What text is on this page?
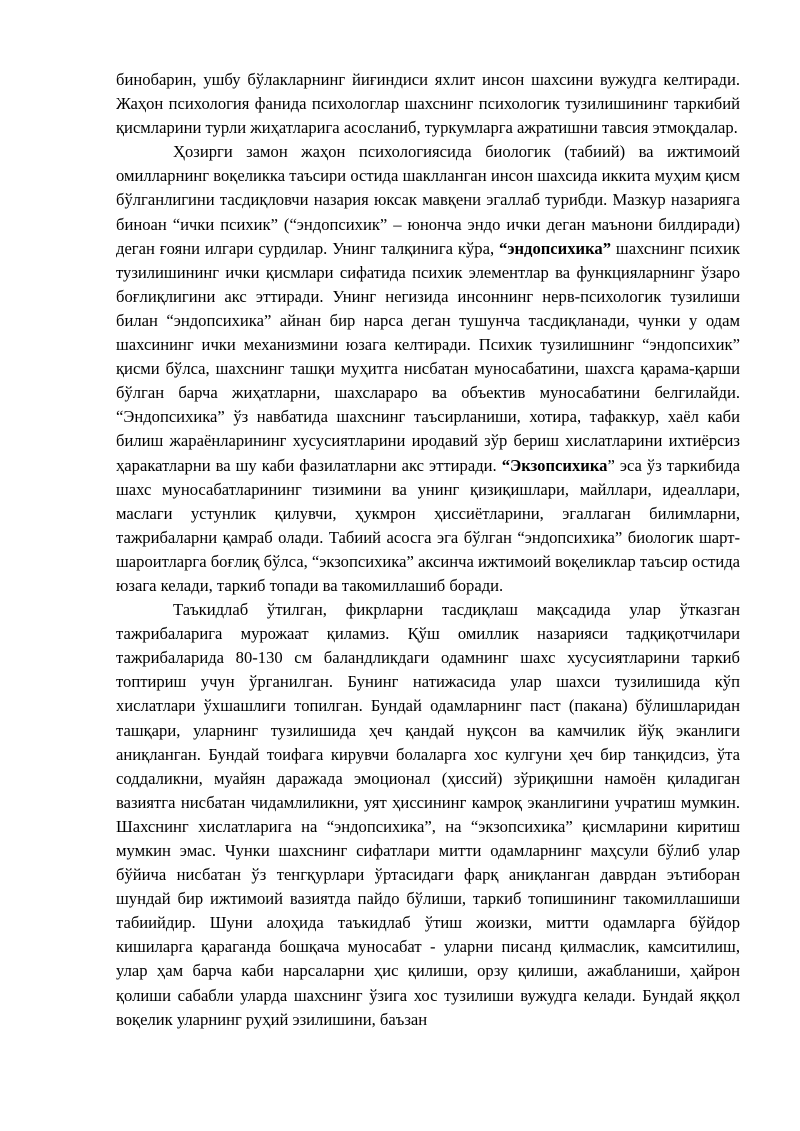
бинобарин, ушбу бўлакларнинг йиғиндиси яхлит инсон шахсини вужудга келтиради. Жаҳон психология фанида психологлар шахснинг психологик тузилишининг таркибий қисмларини турли жиҳатларига асосланиб, туркумларга ажратишни тавсия этмоқдалар.

Ҳозирги замон жаҳон психологиясида биологик (табиий) ва ижтимоий омилларнинг воқеликка таъсири остида шаклланган инсон шахсида иккита муҳим қисм бўлганлигини тасдиқловчи назария юксак мавқени эгаллаб турибди. Мазкур назарияга биноан “ички психик” (“эндопсихик” – юнонча эндо ички деган маънони билдиради) деган ғояни илгари сурдилар. Унинг талқинига кўра, “эндопсихика” шахснинг психик тузилишининг ички қисмлари сифатида психик элементлар ва функцияларнинг ўзаро боғлиқлигини акс эттиради. Унинг негизида инсоннинг нерв-психологик тузилиши билан “эндопсихика” айнан бир нарса деган тушунча тасдиқланади, чунки у одам шахсининг ички механизмини юзага келтиради. Психик тузилишнинг “эндопсихик” қисми бўлса, шахснинг ташқи муҳитга нисбатан муносабатини, шахсга қарама-қарши бўлган барча жиҳатларни, шахслараро ва объектив муносабатини белгилайди. “Эндопсихика” ўз навбатида шахснинг таъсирланиши, хотира, тафаккур, хаёл каби билиш жараёнларининг хусусиятларини иродавий зўр бериш хислатларини ихтиёрсиз ҳаракатларни ва шу каби фазилатларни акс эттиради. “Экзопсихика” эса ўз таркибида шахс муносабатларининг тизимини ва унинг қизиқишлари, майллари, идеаллари, маслаги устунлик қилувчи, ҳукмрон ҳиссиётларини, эгаллаган билимларни, тажрибаларни қамраб олади. Табиий асосга эга бўлган “эндопсихика” биологик шарт-шароитларга боғлиқ бўлса, “экзопсихика” аксинча ижтимоий воқеликлар таъсир остида юзага келади, таркиб топади ва такомиллашиб боради.

Таъкидлаб ўтилган, фикрларни тасдиқлаш мақсадида улар ўтказган тажрибаларига мурожаат қиламиз. Қўш омиллик назарияси тадқиқотчилари тажрибаларида 80-130 см баландликдаги одамнинг шахс хусусиятларини таркиб топтириш учун ўрганилган. Бунинг натижасида улар шахси тузилишида кўп хислатлари ўхшашлиги топилган. Бундай одамларнинг паст (пакана) бўлишларидан ташқари, уларнинг тузилишида ҳеч қандай нуқсон ва камчилик йўқ эканлиги аниқланган. Бундай тоифага кирувчи болаларга хос кулгуни ҳеч бир танқидсиз, ўта соддаликни, муайян даражада эмоционал (ҳиссий) зўриқишни намоён қиладиган вазиятга нисбатан чидамлиликни, уят ҳиссининг камроқ эканлигини учратиш мумкин. Шахснинг хислатларига на “эндопсихика”, на “экзопсихика” қисмларини киритиш мумкин эмас. Чунки шахснинг сифатлари митти одамларнинг маҳсули бўлиб улар бўйича нисбатан ўз тенгқурлари ўртасидаги фарқ аниқланган даврдан эътиборан шундай бир ижтимоий вазиятда пайдо бўлиши, таркиб топишининг такомиллашиши табиийдир. Шуни алоҳида таъкидлаб ўтиш жоизки, митти одамларга бўйдор кишиларга қараганда бошқача муносабат - уларни писанд қилмаслик, камситилиш, улар ҳам барча каби нарсаларни ҳис қилиши, орзу қилиши, ажабланиши, ҳайрон қолиши сабабли уларда шахснинг ўзига хос тузилиши вужудга келади. Бундай яққол воқелик уларнинг руҳий эзилишини, баъзан
